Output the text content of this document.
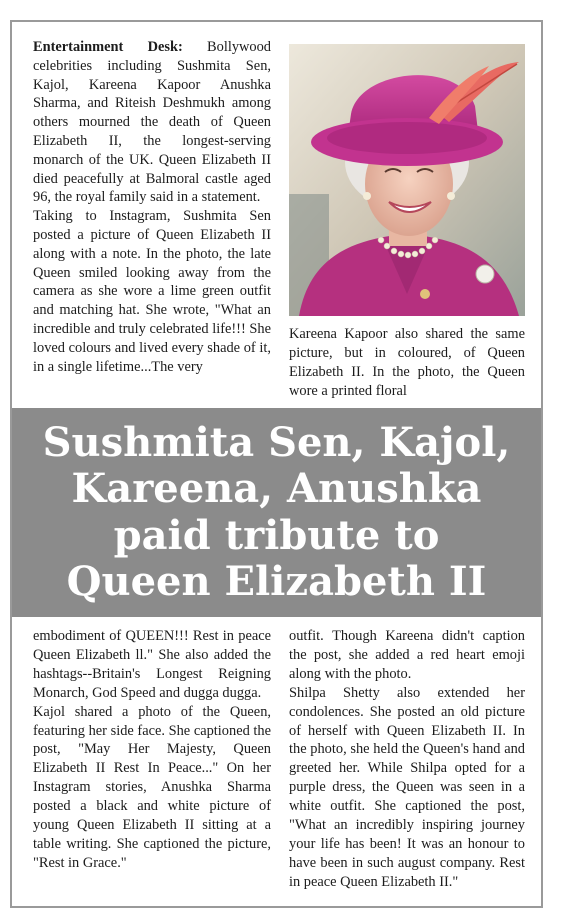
Entertainment Desk: Bollywood celebrities including Sushmita Sen, Kajol, Kareena Kapoor Anushka Sharma, and Riteish Deshmukh among others mourned the death of Queen Elizabeth II, the longest-serving monarch of the UK. Queen Elizabeth II died peacefully at Balmoral castle aged 96, the royal family said in a statement.

Taking to Instagram, Sushmita Sen posted a picture of Queen Elizabeth II along with a note. In the photo, the late Queen smiled looking away from the camera as she wore a lime green outfit and matching hat. She wrote, "What an incredible and truly celebrated life!!! She loved colours and lived every shade of it, in a single lifetime...The very

Kareena Kapoor also shared the same picture, but in coloured, of Queen Elizabeth II. In the photo, the Queen wore a printed floral
Sushmita Sen, Kajol,
Kareena, Anushka
paid tribute to
Queen Elizabeth II

embodiment of QUEEN!!! Rest in peace Queen Elizabeth ll." She also added the hashtags--Britain's Longest Reigning Monarch, God Speed and dugga dugga.

Kajol shared a photo of the Queen, featuring her side face. She captioned the post, "May Her Majesty, Queen Elizabeth II Rest In Peace..." On her Instagram stories, Anushka Sharma posted a black and white picture of young Queen Elizabeth II sitting at a table writing. She captioned the picture, "Rest in Grace."

outfit. Though Kareena didn't caption the post, she added a red heart emoji along with the photo.

Shilpa Shetty also extended her condolences. She posted an old picture of herself with Queen Elizabeth II. In the photo, she held the Queen's hand and greeted her. While Shilpa opted for a purple dress, the Queen was seen in a white outfit. She captioned the post, "What an incredibly inspiring journey your life has been! It was an honour to have been in such august company. Rest in peace Queen Elizabeth II."
